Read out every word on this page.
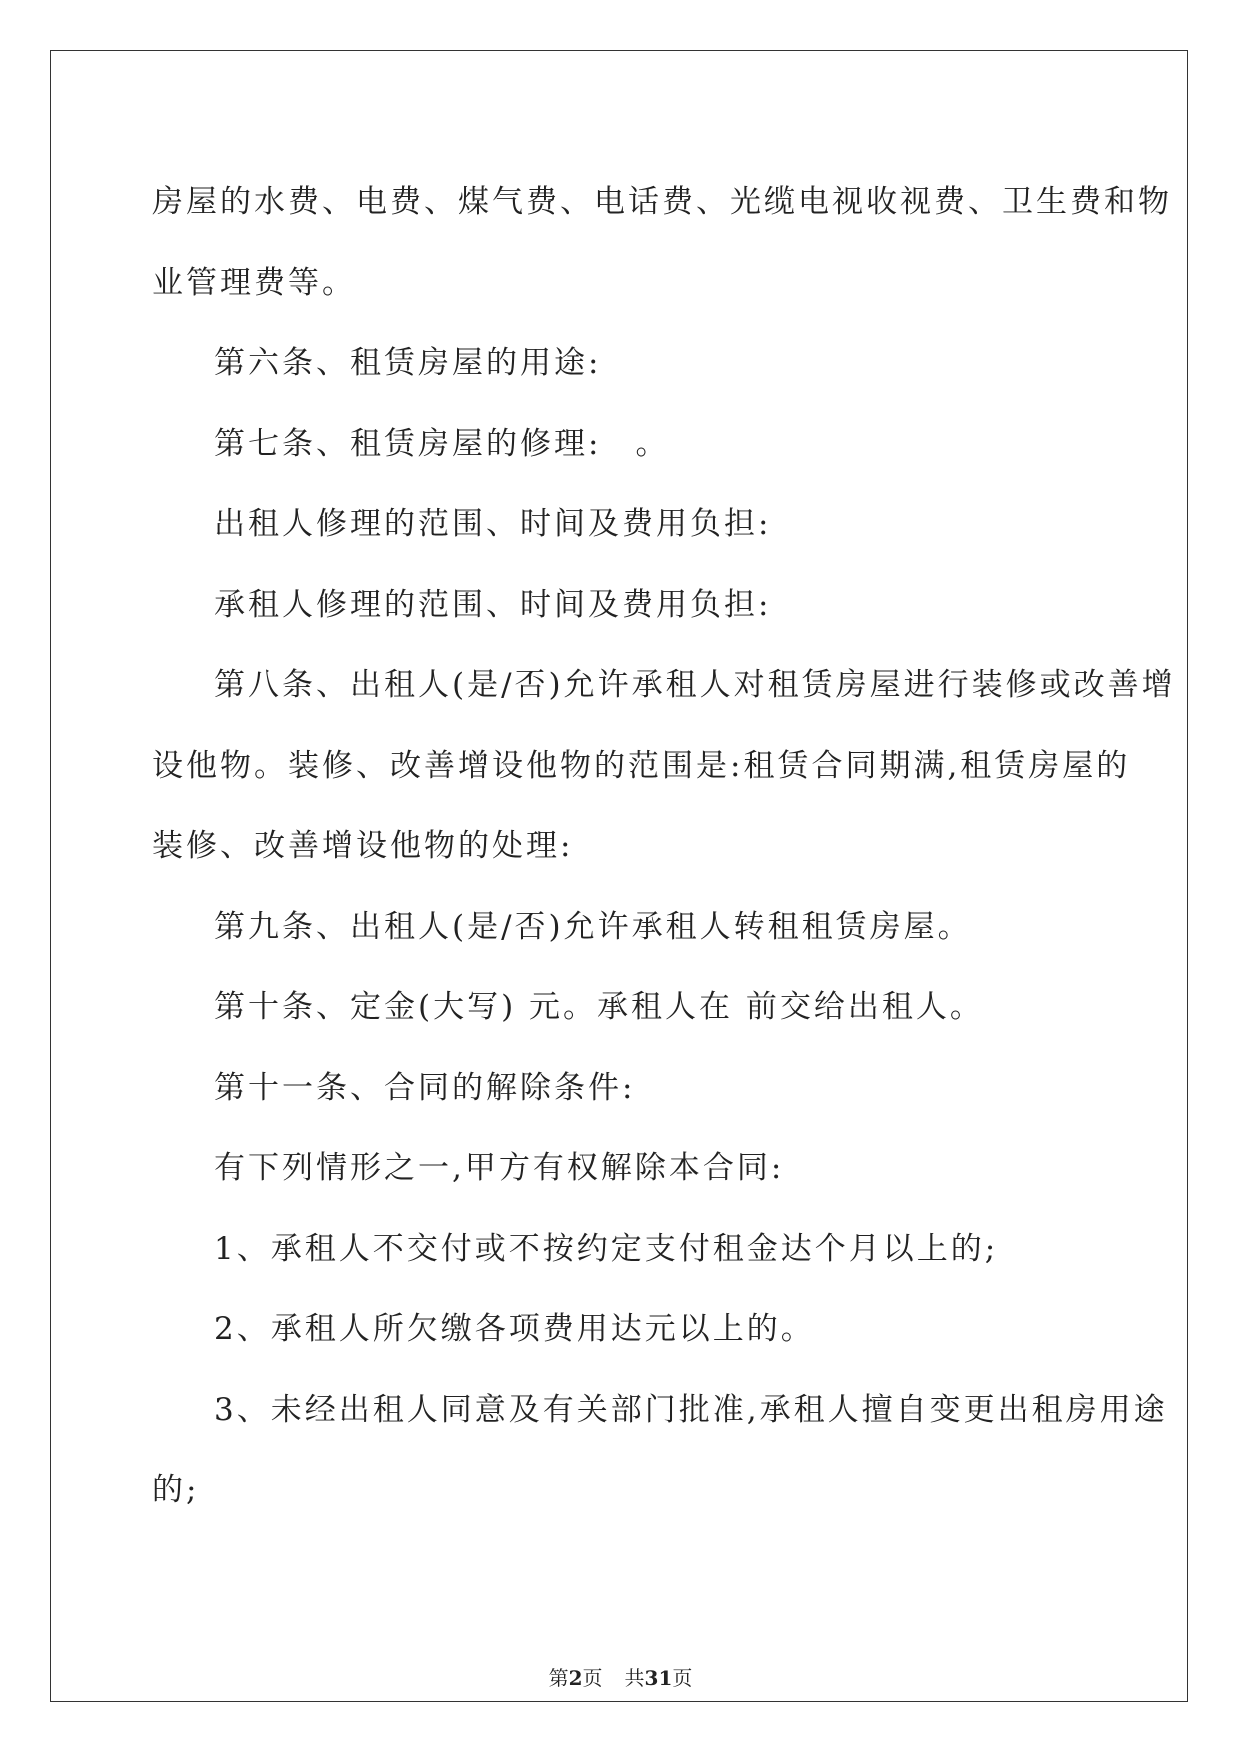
房屋的水费、电费、煤气费、电话费、光缆电视收视费、卫生费和物
业管理费等。
第六条、租赁房屋的用途:
第七条、租赁房屋的修理:　。
出租人修理的范围、时间及费用负担:
承租人修理的范围、时间及费用负担:
第八条、出租人(是/否)允许承租人对租赁房屋进行装修或改善增
设他物。装修、改善增设他物的范围是:租赁合同期满,租赁房屋的
装修、改善增设他物的处理:
第九条、出租人(是/否)允许承租人转租租赁房屋。
第十条、定金(大写) 元。承租人在 前交给出租人。
第十一条、合同的解除条件:
有下列情形之一,甲方有权解除本合同:
1、承租人不交付或不按约定支付租金达个月以上的;
2、承租人所欠缴各项费用达元以上的。
3、未经出租人同意及有关部门批准,承租人擅自变更出租房用途
的;
第2页 共31页
